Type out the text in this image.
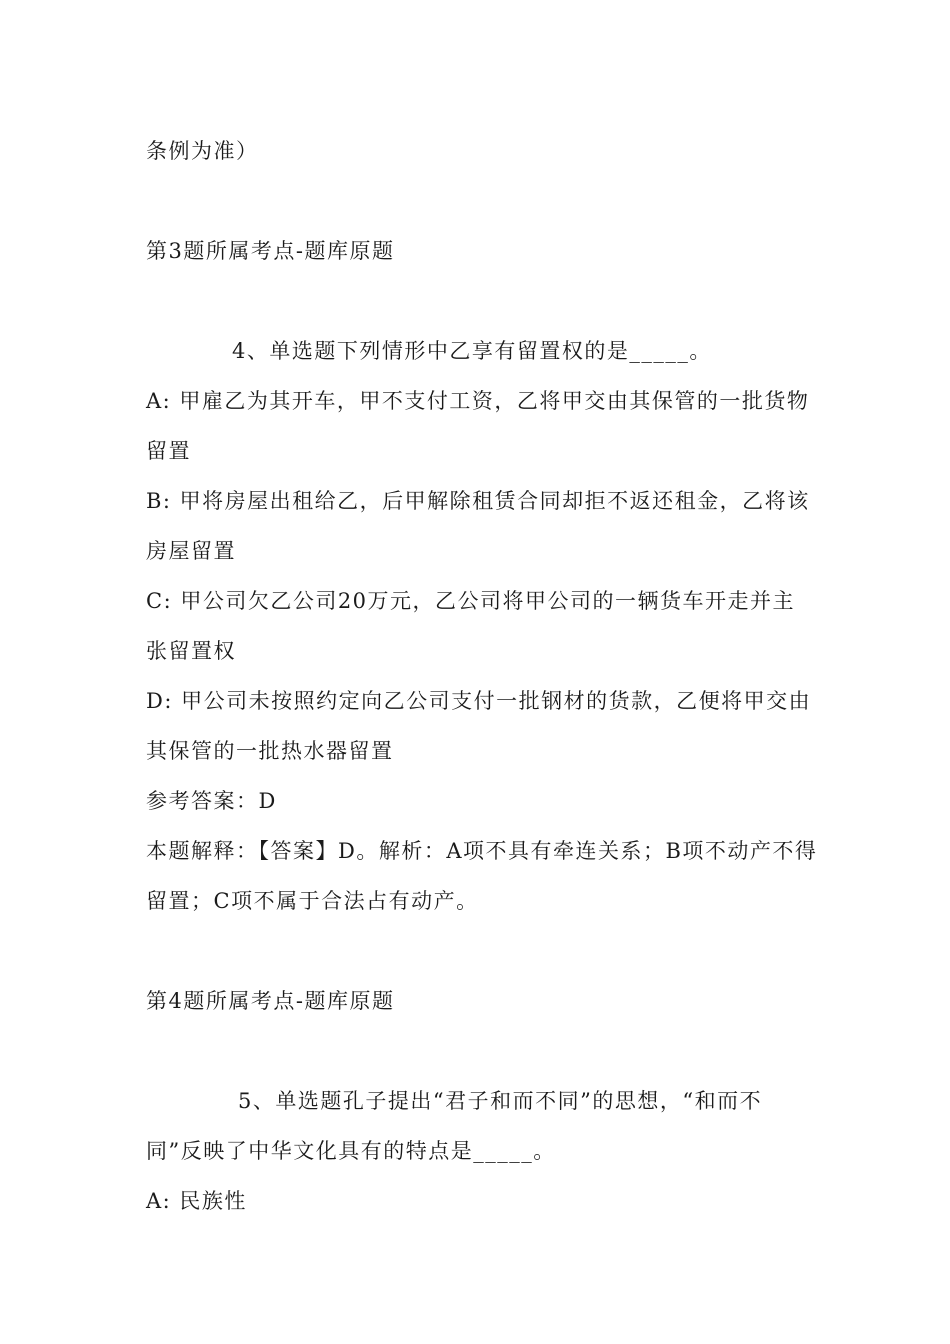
条例为准）
第3题所属考点-题库原题
4、单选题下列情形中乙享有留置权的是_____。
A: 甲雇乙为其开车，甲不支付工资，乙将甲交由其保管的一批货物
留置
B: 甲将房屋出租给乙，后甲解除租赁合同却拒不返还租金，乙将该
房屋留置
C: 甲公司欠乙公司20万元，乙公司将甲公司的一辆货车开走并主
张留置权
D: 甲公司未按照约定向乙公司支付一批钢材的货款，乙便将甲交由
其保管的一批热水器留置
参考答案：D
本题解释：【答案】D。解析：A项不具有牵连关系；B项不动产不得
留置；C项不属于合法占有动产。
第4题所属考点-题库原题
5、单选题孔子提出“君子和而不同”的思想，“和而不
同”反映了中华文化具有的特点是_____。
A: 民族性
